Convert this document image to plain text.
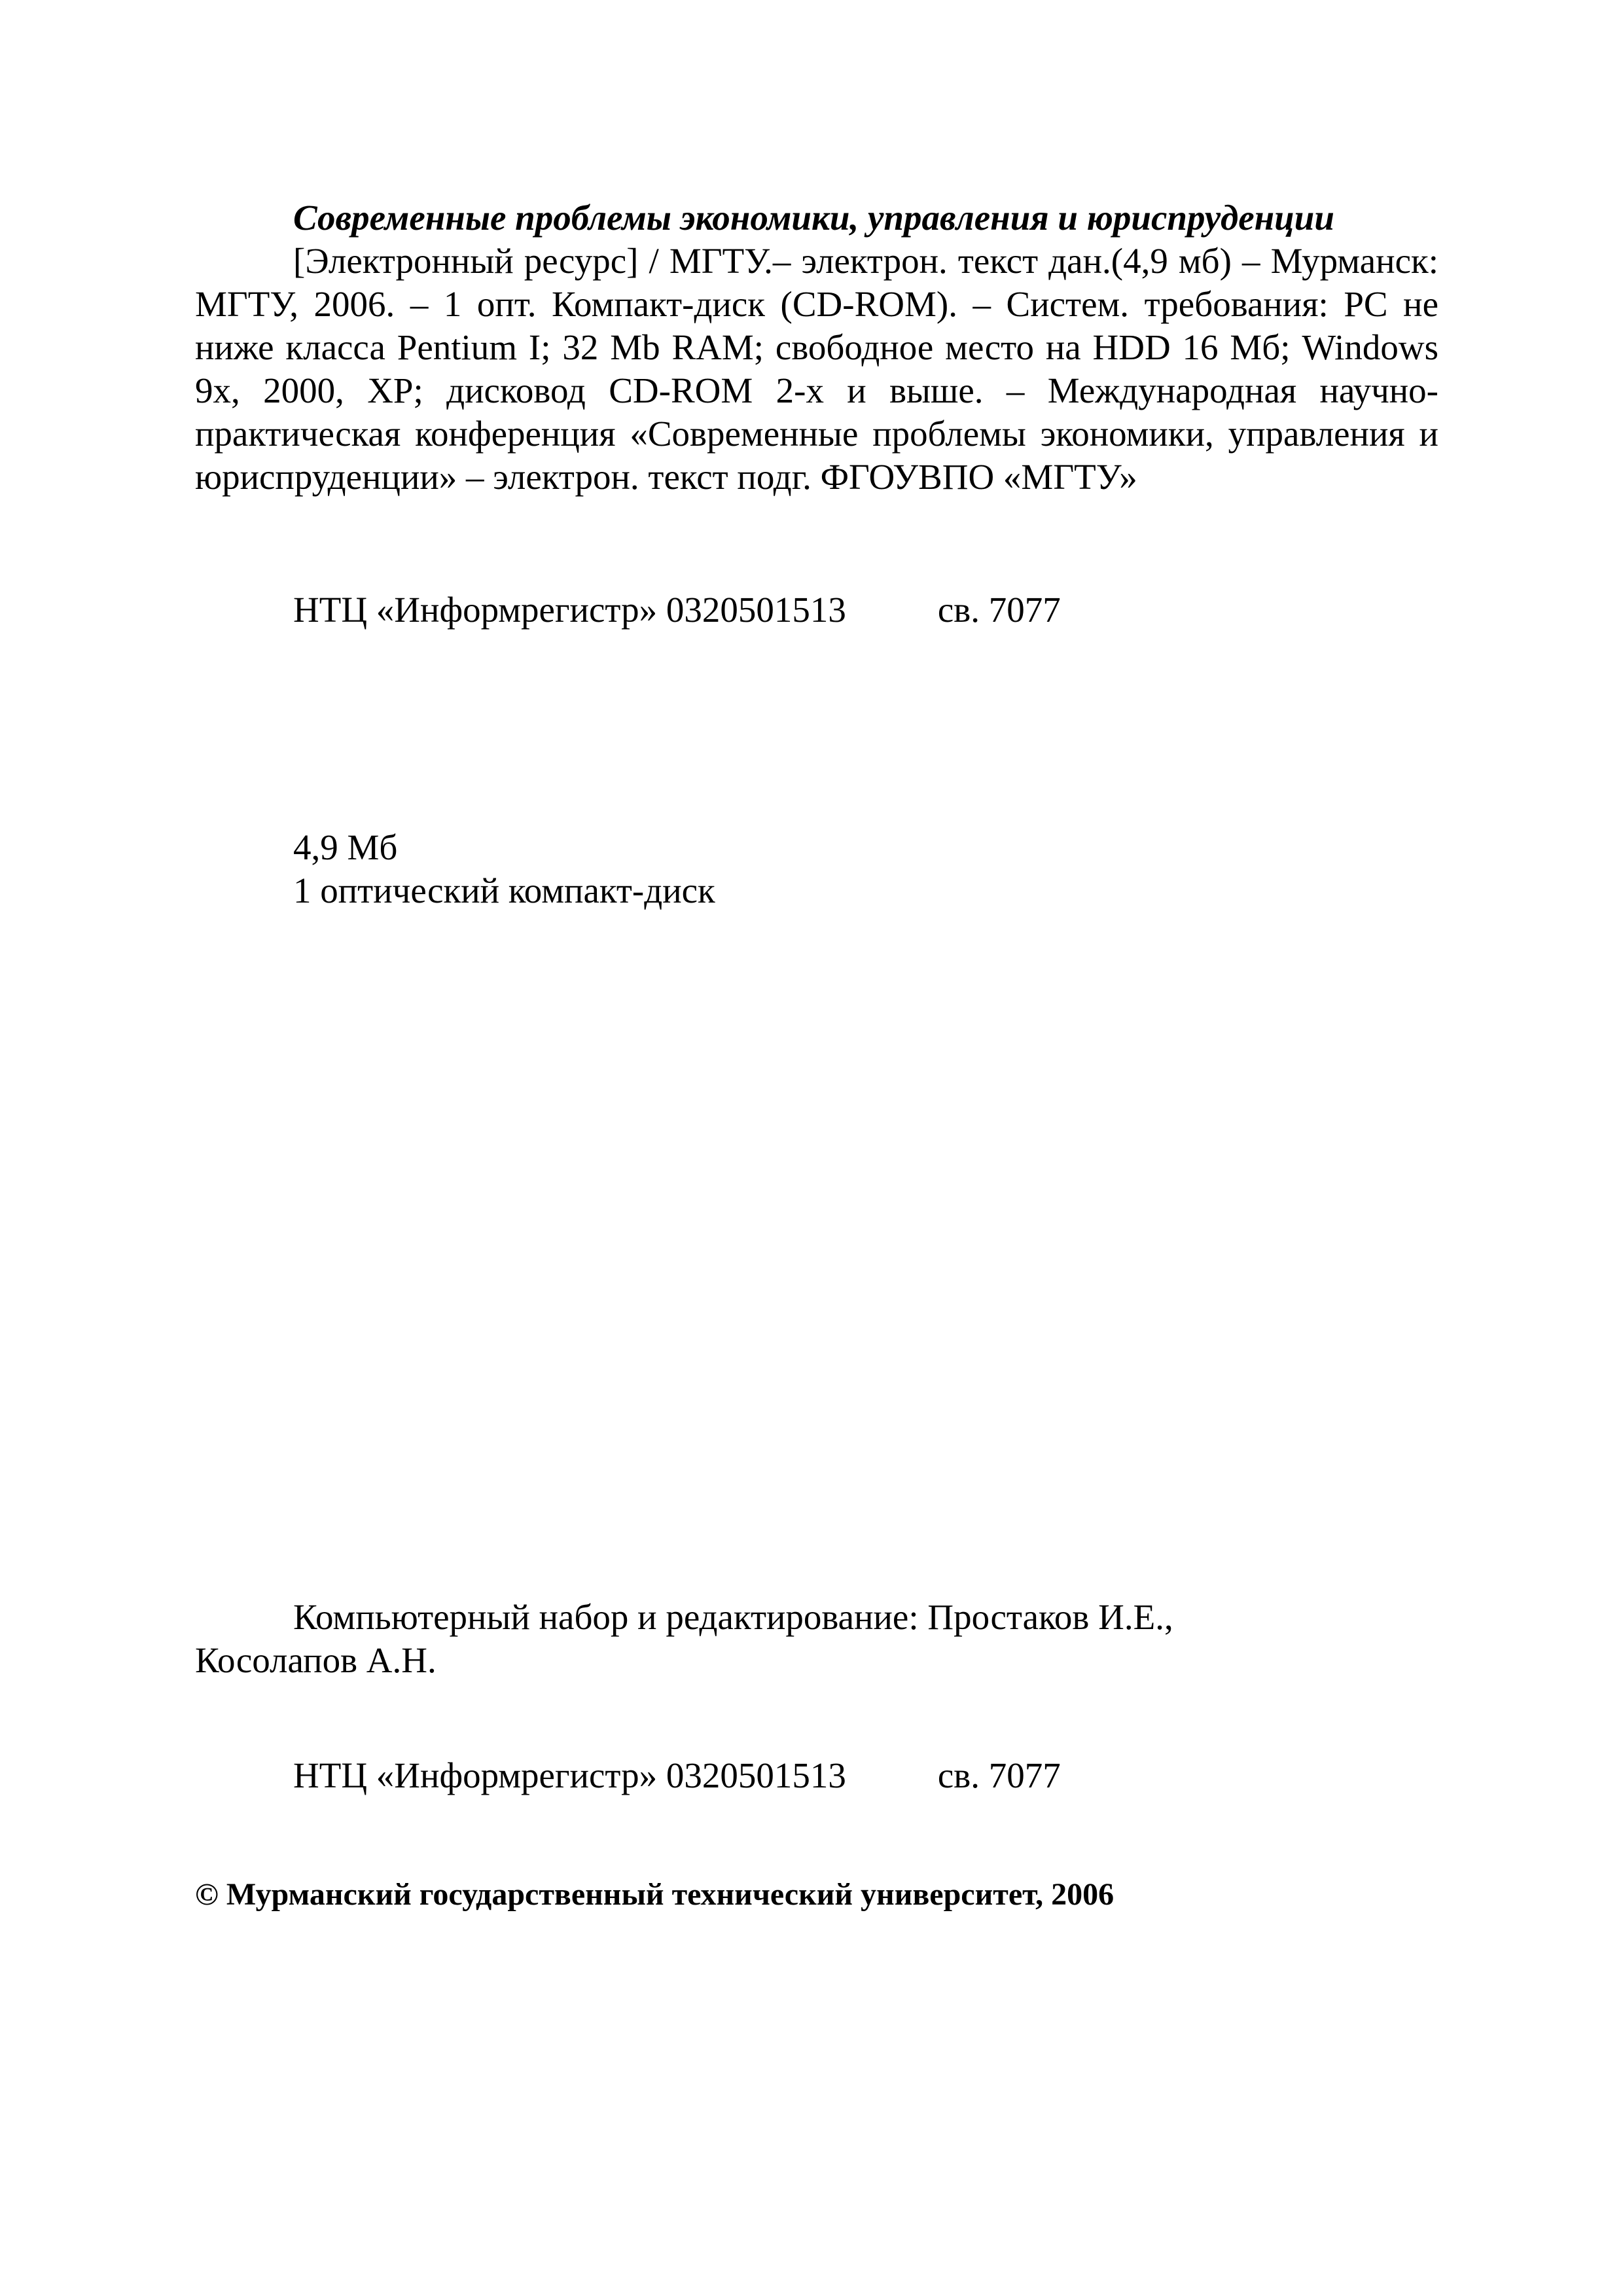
Современные проблемы экономики, управления и юриспруденции

[Электронный ресурс] / МГТУ.– электрон. текст дан.(4,9 мб) – Мурманск: МГТУ, 2006. – 1 опт. Компакт-диск (CD-ROM). – Систем. требования: PC не ниже класса Pentium I; 32 Mb RAM; свободное место на HDD 16 Мб; Windows 9х, 2000, XP; дисковод CD-ROM 2-х и выше. – Международная научно-практическая конференция «Современные проблемы экономики, управления и юриспруденции» – электрон. текст подг. ФГОУВПО «МГТУ»

НТЦ «Информрегистр» 0320501513	св. 7077

4,9 Мб

1 оптический компакт-диск

Компьютерный набор и редактирование: Простаков И.Е., Косолапов А.Н.

НТЦ «Информрегистр» 0320501513	св. 7077

© Мурманский государственный технический университет, 2006
